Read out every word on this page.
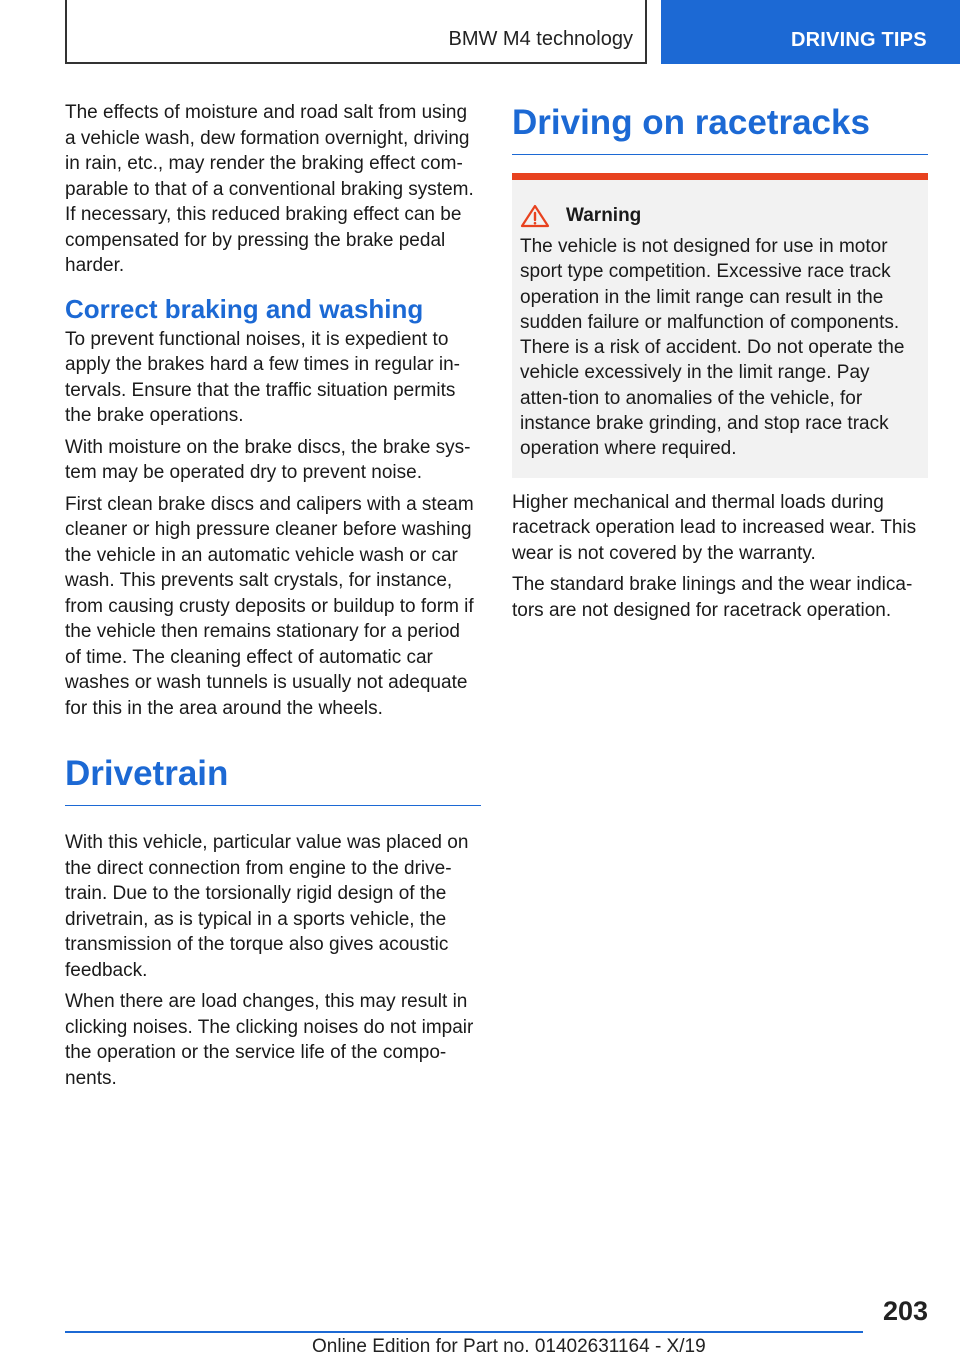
BMW M4 technology	DRIVING TIPS

The effects of moisture and road salt from using a vehicle wash, dew formation overnight, driving in rain, etc., may render the braking effect com-parable to that of a conventional braking system. If necessary, this reduced braking effect can be compensated for by pressing the brake pedal harder.

Correct braking and washing

To prevent functional noises, it is expedient to apply the brakes hard a few times in regular in-tervals. Ensure that the traffic situation permits the brake operations.

With moisture on the brake discs, the brake sys-tem may be operated dry to prevent noise.

First clean brake discs and calipers with a steam cleaner or high pressure cleaner before washing the vehicle in an automatic vehicle wash or car wash. This prevents salt crystals, for instance, from causing crusty deposits or buildup to form if the vehicle then remains stationary for a period of time. The cleaning effect of automatic car washes or wash tunnels is usually not adequate for this in the area around the wheels.

Drivetrain

With this vehicle, particular value was placed on the direct connection from engine to the drive-train. Due to the torsionally rigid design of the drivetrain, as is typical in a sports vehicle, the transmission of the torque also gives acoustic feedback.

When there are load changes, this may result in clicking noises. The clicking noises do not impair the operation or the service life of the compo-nents.

Driving on racetracks
Warning

The vehicle is not designed for use in motor sport type competition. Excessive race track operation in the limit range can result in the sudden failure or malfunction of components. There is a risk of accident. Do not operate the vehicle excessively in the limit range. Pay atten-tion to anomalies of the vehicle, for instance brake grinding, and stop race track operation where required.

Higher mechanical and thermal loads during racetrack operation lead to increased wear. This wear is not covered by the warranty.

The standard brake linings and the wear indica-tors are not designed for racetrack operation.

203
Online Edition for Part no. 01402631164 - X/19
